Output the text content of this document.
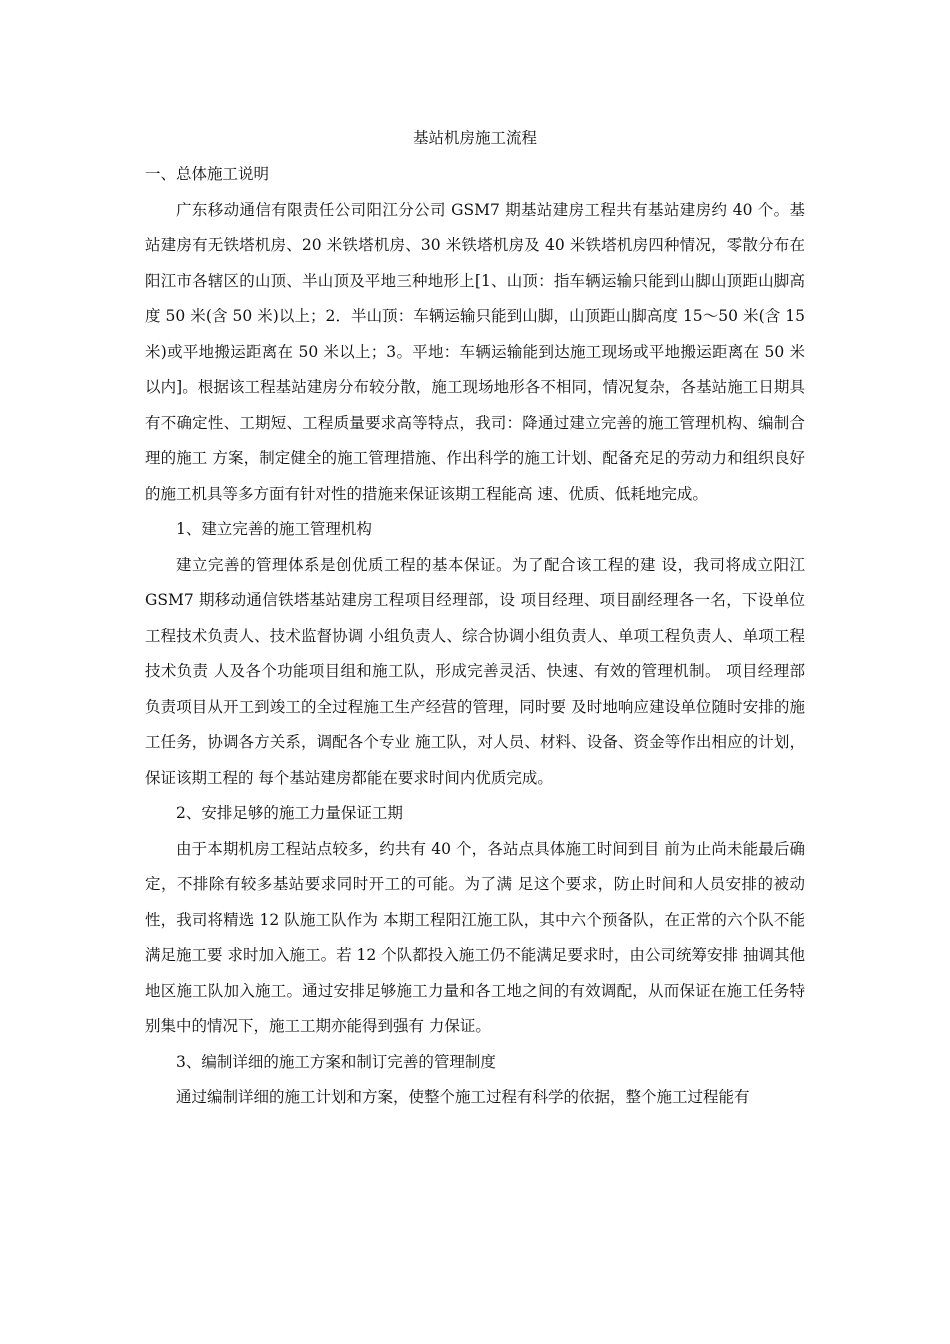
基站机房施工流程

一、总体施工说明

广东移动通信有限责任公司阳江分公司 GSM7 期基站建房工程共有基站建房约 40 个。基站建房有无铁塔机房、20 米铁塔机房、30 米铁塔机房及 40 米铁塔机房四种情况，零散分布在阳江市各辖区的山顶、半山顶及平地三种地形上[1、山顶：指车辆运输只能到山脚山顶距山脚高度 50 米(含 50 米)以上；2．半山顶：车辆运输只能到山脚，山顶距山脚高度 15～50 米(含 15 米)或平地搬运距离在 50 米以上；3。平地：车辆运输能到达施工现场或平地搬运距离在 50 米以内]。根据该工程基站建房分布较分散，施工现场地形各不相同，情况复杂，各基站施工日期具有不确定性、工期短、工程质量要求高等特点，我司：降通过建立完善的施工管理机构、编制合理的施工 方案，制定健全的施工管理措施、作出科学的施工计划、配备充足的劳动力和组织良好的施工机具等多方面有针对性的措施来保证该期工程能高 速、优质、低耗地完成。

1、建立完善的施工管理机构

建立完善的管理体系是创优质工程的基本保证。为了配合该工程的建 设，我司将成立阳江 GSM7 期移动通信铁塔基站建房工程项目经理部，设 项目经理、项目副经理各一名，下设单位工程技术负责人、技术监督协调 小组负责人、综合协调小组负责人、单项工程负责人、单项工程技术负责 人及各个功能项目组和施工队，形成完善灵活、快速、有效的管理机制。 项目经理部负责项目从开工到竣工的全过程施工生产经营的管理，同时要 及时地响应建设单位随时安排的施工任务，协调各方关系，调配各个专业 施工队，对人员、材料、设备、资金等作出相应的计划，保证该期工程的 每个基站建房都能在要求时间内优质完成。

2、安排足够的施工力量保证工期

由于本期机房工程站点较多，约共有 40 个，各站点具体施工时间到目 前为止尚未能最后确定，不排除有较多基站要求同时开工的可能。为了满 足这个要求，防止时间和人员安排的被动性，我司将精选 12 队施工队作为 本期工程阳江施工队，其中六个预备队，在正常的六个队不能满足施工要 求时加入施工。若 12 个队都投入施工仍不能满足要求时，由公司统筹安排 抽调其他地区施工队加入施工。通过安排足够施工力量和各工地之间的有效调配，从而保证在施工任务特别集中的情况下，施工工期亦能得到强有 力保证。

3、编制详细的施工方案和制订完善的管理制度

通过编制详细的施工计划和方案，使整个施工过程有科学的依据，整个施工过程能有
